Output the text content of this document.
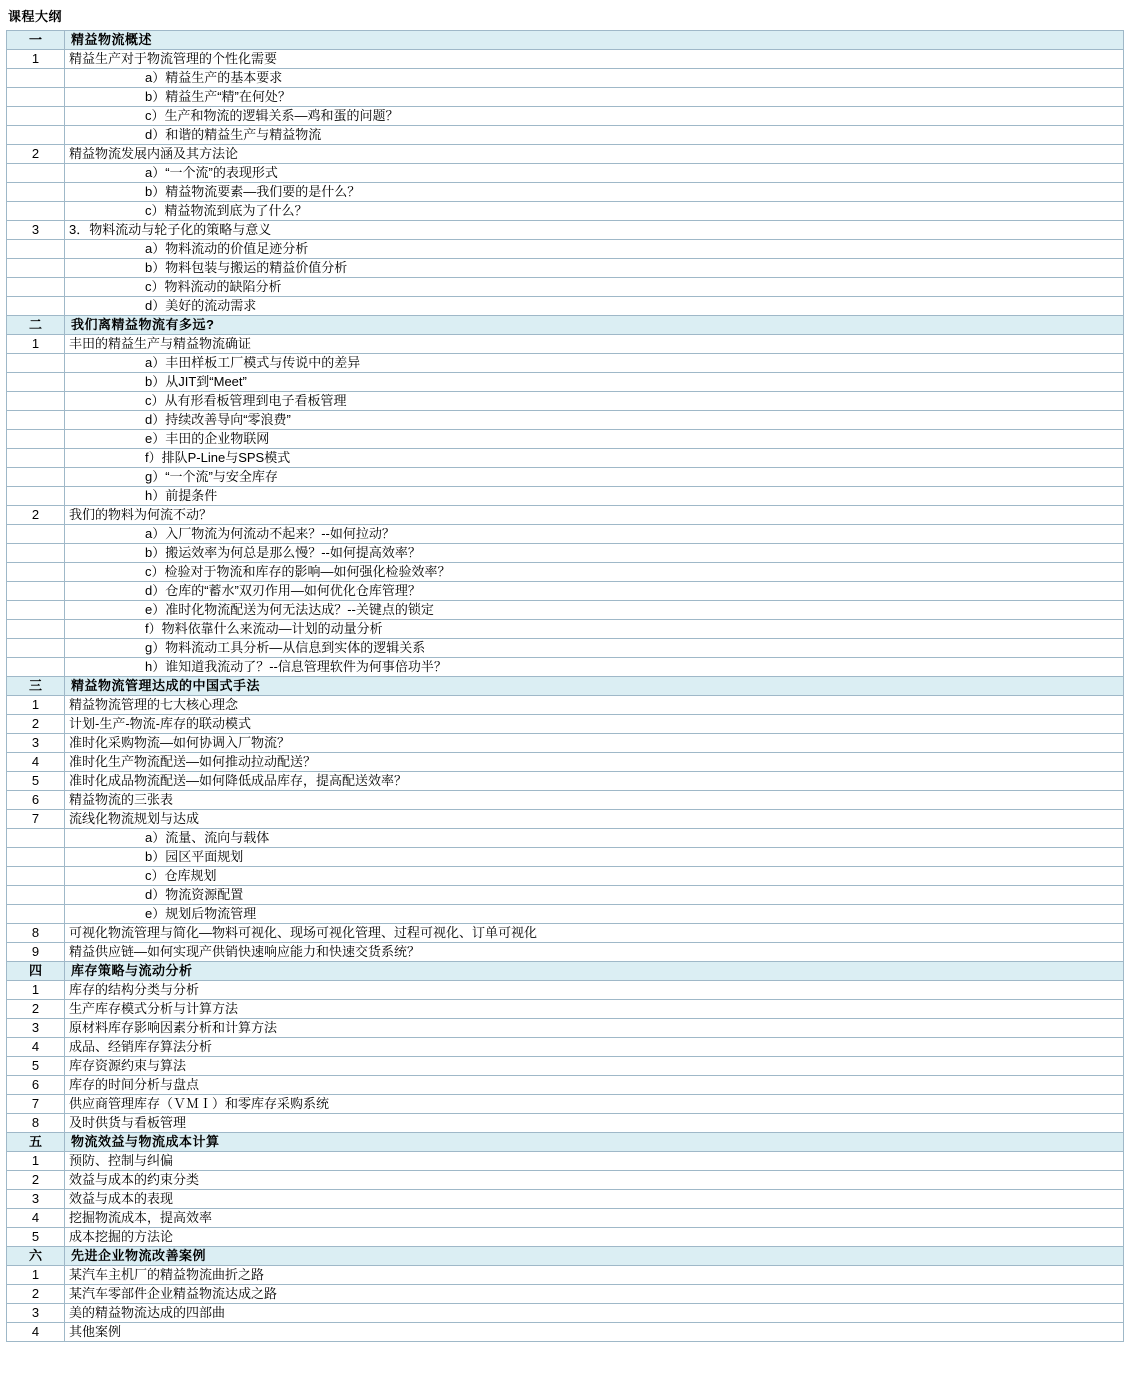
课程大纲
一	精益物流概述
1	精益生产对于物流管理的个性化需要
	a）精益生产的基本要求
	b）精益生产“精”在何处？
	c）生产和物流的逻辑关系—鸡和蛋的问题？
	d）和谐的精益生产与精益物流
2	精益物流发展内涵及其方法论
	a）“一个流”的表现形式
	b）精益物流要素—我们要的是什么？
	c）精益物流到底为了什么？
3	3．物料流动与轮子化的策略与意义
	a）物料流动的价值足迹分析
	b）物料包装与搬运的精益价值分析
	c）物料流动的缺陷分析
	d）美好的流动需求
二	我们离精益物流有多远?
1	丰田的精益生产与精益物流确证
	a）丰田样板工厂模式与传说中的差异
	b）从JIT到“Meet”
	c）从有形看板管理到电子看板管理
	d）持续改善导向“零浪费”
	e）丰田的企业物联网
	f）排队P-Line与SPS模式
	g）“一个流”与安全库存
	h）前提条件
2	我们的物料为何流不动？
	a）入厂物流为何流动不起来？--如何拉动？
	b）搬运效率为何总是那么慢？--如何提高效率？
	c）检验对于物流和库存的影响—如何强化检验效率？
	d）仓库的“蓄水”双刃作用—如何优化仓库管理？
	e）准时化物流配送为何无法达成？--关键点的锁定
	f）物料依靠什么来流动—计划的动量分析
	g）物料流动工具分析—从信息到实体的逻辑关系
	h）谁知道我流动了？--信息管理软件为何事倍功半？
三	精益物流管理达成的中国式手法
1	精益物流管理的七大核心理念
2	计划-生产-物流-库存的联动模式
3	准时化采购物流—如何协调入厂物流？
4	准时化生产物流配送—如何推动拉动配送？
5	准时化成品物流配送—如何降低成品库存，提高配送效率？
6	精益物流的三张表
7	流线化物流规划与达成
	a）流量、流向与载体
	b）园区平面规划
	c）仓库规划
	d）物流资源配置
	e）规划后物流管理
8	可视化物流管理与简化—物料可视化、现场可视化管理、过程可视化、订单可视化
9	精益供应链—如何实现产供销快速响应能力和快速交货系统？
四	库存策略与流动分析
1	库存的结构分类与分析
2	生产库存模式分析与计算方法
3	原材料库存影响因素分析和计算方法
4	成品、经销库存算法分析
5	库存资源约束与算法
6	库存的时间分析与盘点
7	供应商管理库存（ＶＭＩ）和零库存采购系统
8	及时供货与看板管理
五	物流效益与物流成本计算
1	预防、控制与纠偏
2	效益与成本的约束分类
3	效益与成本的表现
4	挖掘物流成本，提高效率
5	成本挖掘的方法论
六	先进企业物流改善案例
1	某汽车主机厂的精益物流曲折之路
2	某汽车零部件企业精益物流达成之路
3	美的精益物流达成的四部曲
4	其他案例
